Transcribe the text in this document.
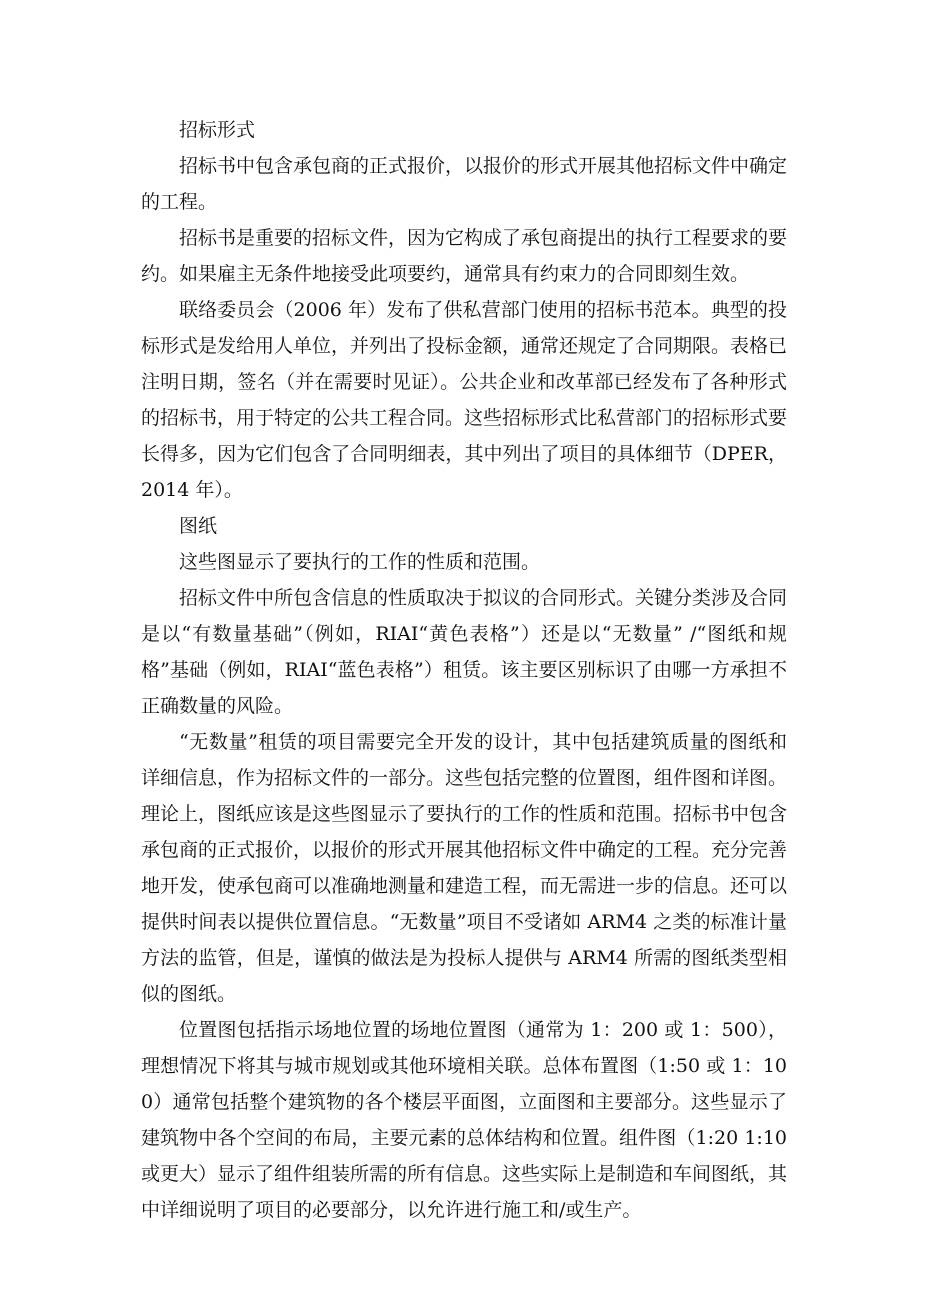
招标形式

招标书中包含承包商的正式报价，以报价的形式开展其他招标文件中确定的工程。

招标书是重要的招标文件，因为它构成了承包商提出的执行工程要求的要约。如果雇主无条件地接受此项要约，通常具有约束力的合同即刻生效。

联络委员会（2006 年）发布了供私营部门使用的招标书范本。典型的投标形式是发给用人单位，并列出了投标金额，通常还规定了合同期限。表格已注明日期，签名（并在需要时见证）。公共企业和改革部已经发布了各种形式的招标书，用于特定的公共工程合同。这些招标形式比私营部门的招标形式要长得多，因为它们包含了合同明细表，其中列出了项目的具体细节（DPER，2014 年）。

图纸

这些图显示了要执行的工作的性质和范围。

招标文件中所包含信息的性质取决于拟议的合同形式。关键分类涉及合同是以“有数量基础”（例如，RIAI“黄色表格”）还是以“无数量” /“图纸和规格”基础（例如，RIAI“蓝色表格”）租赁。该主要区别标识了由哪一方承担不正确数量的风险。

“无数量”租赁的项目需要完全开发的设计，其中包括建筑质量的图纸和详细信息，作为招标文件的一部分。这些包括完整的位置图，组件图和详图。理论上，图纸应该是这些图显示了要执行的工作的性质和范围。招标书中包含承包商的正式报价，以报价的形式开展其他招标文件中确定的工程。充分完善地开发，使承包商可以准确地测量和建造工程，而无需进一步的信息。还可以提供时间表以提供位置信息。“无数量”项目不受诸如 ARM4 之类的标准计量方法的监管，但是，谨慎的做法是为投标人提供与 ARM4 所需的图纸类型相似的图纸。

位置图包括指示场地位置的场地位置图（通常为 1：200 或 1：500），理想情况下将其与城市规划或其他环境相关联。总体布置图（1:50 或 1：100）通常包括整个建筑物的各个楼层平面图，立面图和主要部分。这些显示了建筑物中各个空间的布局，主要元素的总体结构和位置。组件图（1:20 1:10 或更大）显示了组件组装所需的所有信息。这些实际上是制造和车间图纸，其中详细说明了项目的必要部分，以允许进行施工和/或生产。
